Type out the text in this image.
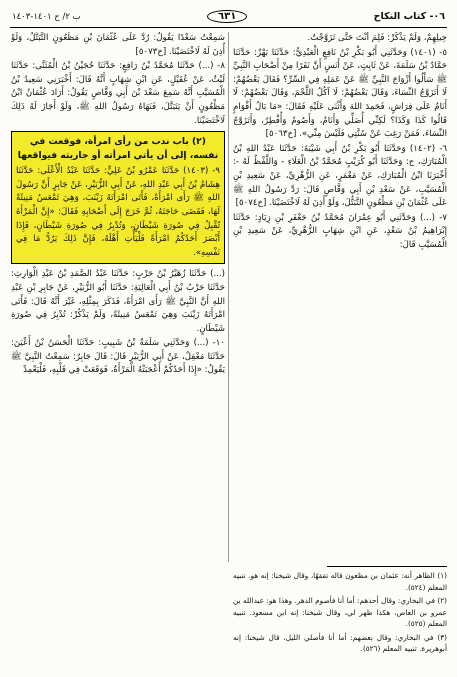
٠٦- كتاب النكاح
٦٣١
ب ٢/ ح ١٤٠١-١٤٠٣

حِيلِهِمْ، وَلَمْ يَذْكُرْ: فَلِمَ أَنْتَ حَتَّى تَزَوَّجْتُ.

٥- (١٤٠١) وَحَدَّثَنِي أَبُو بَكْرِ بْنُ نَافِعٍ الْعَبْدِيُّ: حَدَّثَنَا بَهْزٌ: حَدَّثَنَا حَمَّادُ بْنُ سَلَمَةَ، عَنْ ثَابِتٍ، عَنْ أَنَسٍ أَنَّ نَفَرًا مِنْ أَصْحَابِ النَّبِيِّ ﷺ سَأَلُوا أَزْوَاجَ النَّبِيِّ ﷺ عَنْ عَمَلِهِ فِي السِّرِّ؟ فَقَالَ بَعْضُهُمْ: لَا أَتَزَوَّجُ النِّسَاءَ، وَقَالَ بَعْضُهُمْ: لَا آكُلُ اللَّحْمَ، وَقَالَ بَعْضُهُمْ: لَا أَنَامُ عَلَى فِرَاشٍ، فَحَمِدَ اللهَ وَأَثْنَى عَلَيْهِ فَقَالَ: «مَا بَالُ أَقْوَامٍ قَالُوا كَذَا وَكَذَا؟ لَكِنِّي أُصَلِّي وَأَنَامُ، وَأَصُومُ وَأُفْطِرُ، وَأَتَزَوَّجُ النِّسَاءَ، فَمَنْ رَغِبَ عَنْ سُنَّتِي فَلَيْسَ مِنِّي». [خ٥٠٦٣]

٦- (١٤٠٢) وَحَدَّثَنَا أَبُو بَكْرِ بْنُ أَبِي شَيْبَةَ: حَدَّثَنَا عَبْدُ اللهِ بْنُ الْمُبَارَكِ، ح: وَحَدَّثَنَا أَبُو كُرَيْبٍ مُحَمَّدُ بْنُ الْعَلَاءِ - وَاللَّفْظُ لَهُ -: أَخْبَرَنَا ابْنُ الْمُبَارَكِ، عَنْ مَعْمَرٍ، عَنِ الزُّهْرِيِّ، عَنْ سَعِيدِ بْنِ الْمُسَيَّبِ، عَنْ سَعْدِ بْنِ أَبِي وَقَّاصٍ قَالَ: رَدَّ رَسُولُ اللهِ ﷺ عَلَى عُثْمَانَ بْنِ مَظْعُونٍ التَّبَتُّلَ، وَلَوْ أَذِنَ لَهُ لَاخْتَصَيْنَا. [خ٥٠٧٤]

٧- (...) وَحَدَّثَنِي أَبُو عِمْرَانَ مُحَمَّدُ بْنُ جَعْفَرِ بْنِ زِيَادٍ: حَدَّثَنَا إِبْرَاهِيمُ بْنُ سَعْدٍ، عَنِ ابْنِ شِهَابٍ الزُّهْرِيِّ، عَنْ سَعِيدِ بْنِ الْمُسَيَّبِ قَالَ:

سَمِعْتُ سَعْدًا يَقُولُ: رُدَّ عَلَى عُثْمَانَ بْنِ مَظْعُونٍ التَّبَتُّلُ، وَلَوْ أُذِنَ لَهُ لَاخْتَصَيْنَا. [خ٥٠٧٣]

٨- (...) حَدَّثَنَا مُحَمَّدُ بْنُ رَافِعٍ: حَدَّثَنَا حُجَيْنُ بْنُ الْمُثَنَّى: حَدَّثَنَا لَيْثٌ، عَنْ عُقَيْلٍ، عَنِ ابْنِ شِهَابٍ أَنَّهُ قَالَ: أَخْبَرَنِي سَعِيدُ بْنُ الْمُسَيَّبِ أَنَّهُ سَمِعَ سَعْدَ بْنَ أَبِي وَقَّاصٍ يَقُولُ: أَرَادَ عُثْمَانُ ابْنُ مَظْعُونٍ أَنْ يَتَبَتَّلَ، فَنَهَاهُ رَسُولُ اللهِ ﷺ، وَلَوْ أَجَازَ لَهُ ذَلِكَ لَاخْتَصَيْنَا.

(٢) باب ندب من رأى امرأة، فوقعت في نفسه، إلى أن يأتي امرأته أو جاريته فيواقعها

٩- (١٤٠٣) حَدَّثَنَا عَمْرُو بْنُ عَلِيٍّ: حَدَّثَنَا عَبْدُ الْأَعْلَى: حَدَّثَنَا هِشَامُ بْنُ أَبِي عَبْدِ اللهِ، عَنْ أَبِي الزُّبَيْرِ، عَنْ جَابِرٍ أَنَّ رَسُولَ اللهِ ﷺ رَأَى امْرَأَةً، فَأَتَى امْرَأَتَهُ زَيْنَبَ، وَهِيَ تَمْعَسُ مَنِيئَةً لَهَا، فَقَضَى حَاجَتَهُ، ثُمَّ خَرَجَ إِلَى أَصْحَابِهِ فَقَالَ: «إِنَّ الْمَرْأَةَ تُقْبِلُ فِي صُورَةِ شَيْطَانٍ، وَتُدْبِرُ فِي صُورَةِ شَيْطَانٍ، فَإِذَا أَبْصَرَ أَحَدُكُمُ امْرَأَةً فَلْيَأْتِ أَهْلَهُ، فَإِنَّ ذَلِكَ يَرُدُّ مَا فِي نَفْسِهِ».

(...) حَدَّثَنَا زُهَيْرُ بْنُ حَرْبٍ: حَدَّثَنَا عَبْدُ الصَّمَدِ بْنُ عَبْدِ الْوَارِثِ: حَدَّثَنَا حَرْبُ بْنُ أَبِي الْعَالِيَةِ: حَدَّثَنَا أَبُو الزُّبَيْرِ، عَنْ جَابِرِ بْنِ عَبْدِ اللهِ أَنَّ النَّبِيَّ ﷺ رَأَى امْرَأَةً، فَذَكَرَ بِمِثْلِهِ، غَيْرَ أَنَّهُ قَالَ: فَأَتَى امْرَأَتَهُ زَيْنَبَ وَهِيَ تَمْعَسُ مَنِيئَةً، وَلَمْ يَذْكُرْ: تُدْبِرُ فِي صُورَةِ شَيْطَانٍ.

١٠- (...) وَحَدَّثَنِي سَلَمَةُ بْنُ شَبِيبٍ: حَدَّثَنَا الْحَسَنُ بْنُ أَعْيَنَ: حَدَّثَنَا مَعْقِلٌ، عَنْ أَبِي الزُّبَيْرِ قَالَ: قَالَ جَابِرٌ: سَمِعْتُ النَّبِيَّ ﷺ يَقُولُ: «إِذَا أَحَدُكُمْ أَعْجَبَتْهُ الْمَرْأَةُ، فَوَقَعَتْ فِي قَلْبِهِ، فَلْيَعْمِدْ

(١) الظاهر أنه: عثمان بن مظعون قاله تفقهًا، وقال شيخنا: إنه هو. تنبيه المعلم (٥٢٤).

(٢) في البخاري: وقال أحدهم: أما أنا فأصوم الدهر. وهذا هو: عبدالله بن عمرو بن العاص، هكذا ظهر لي، وقال شيخنا: إنه ابن مسعود. تنبيه المعلم (٥٢٥).

(٣) في البخاري: وقال بعضهم: أما أنا فأصلي الليل، قال شيخنا: إنه أبوهريرة. تنبيه المعلم (٥٢٦).
